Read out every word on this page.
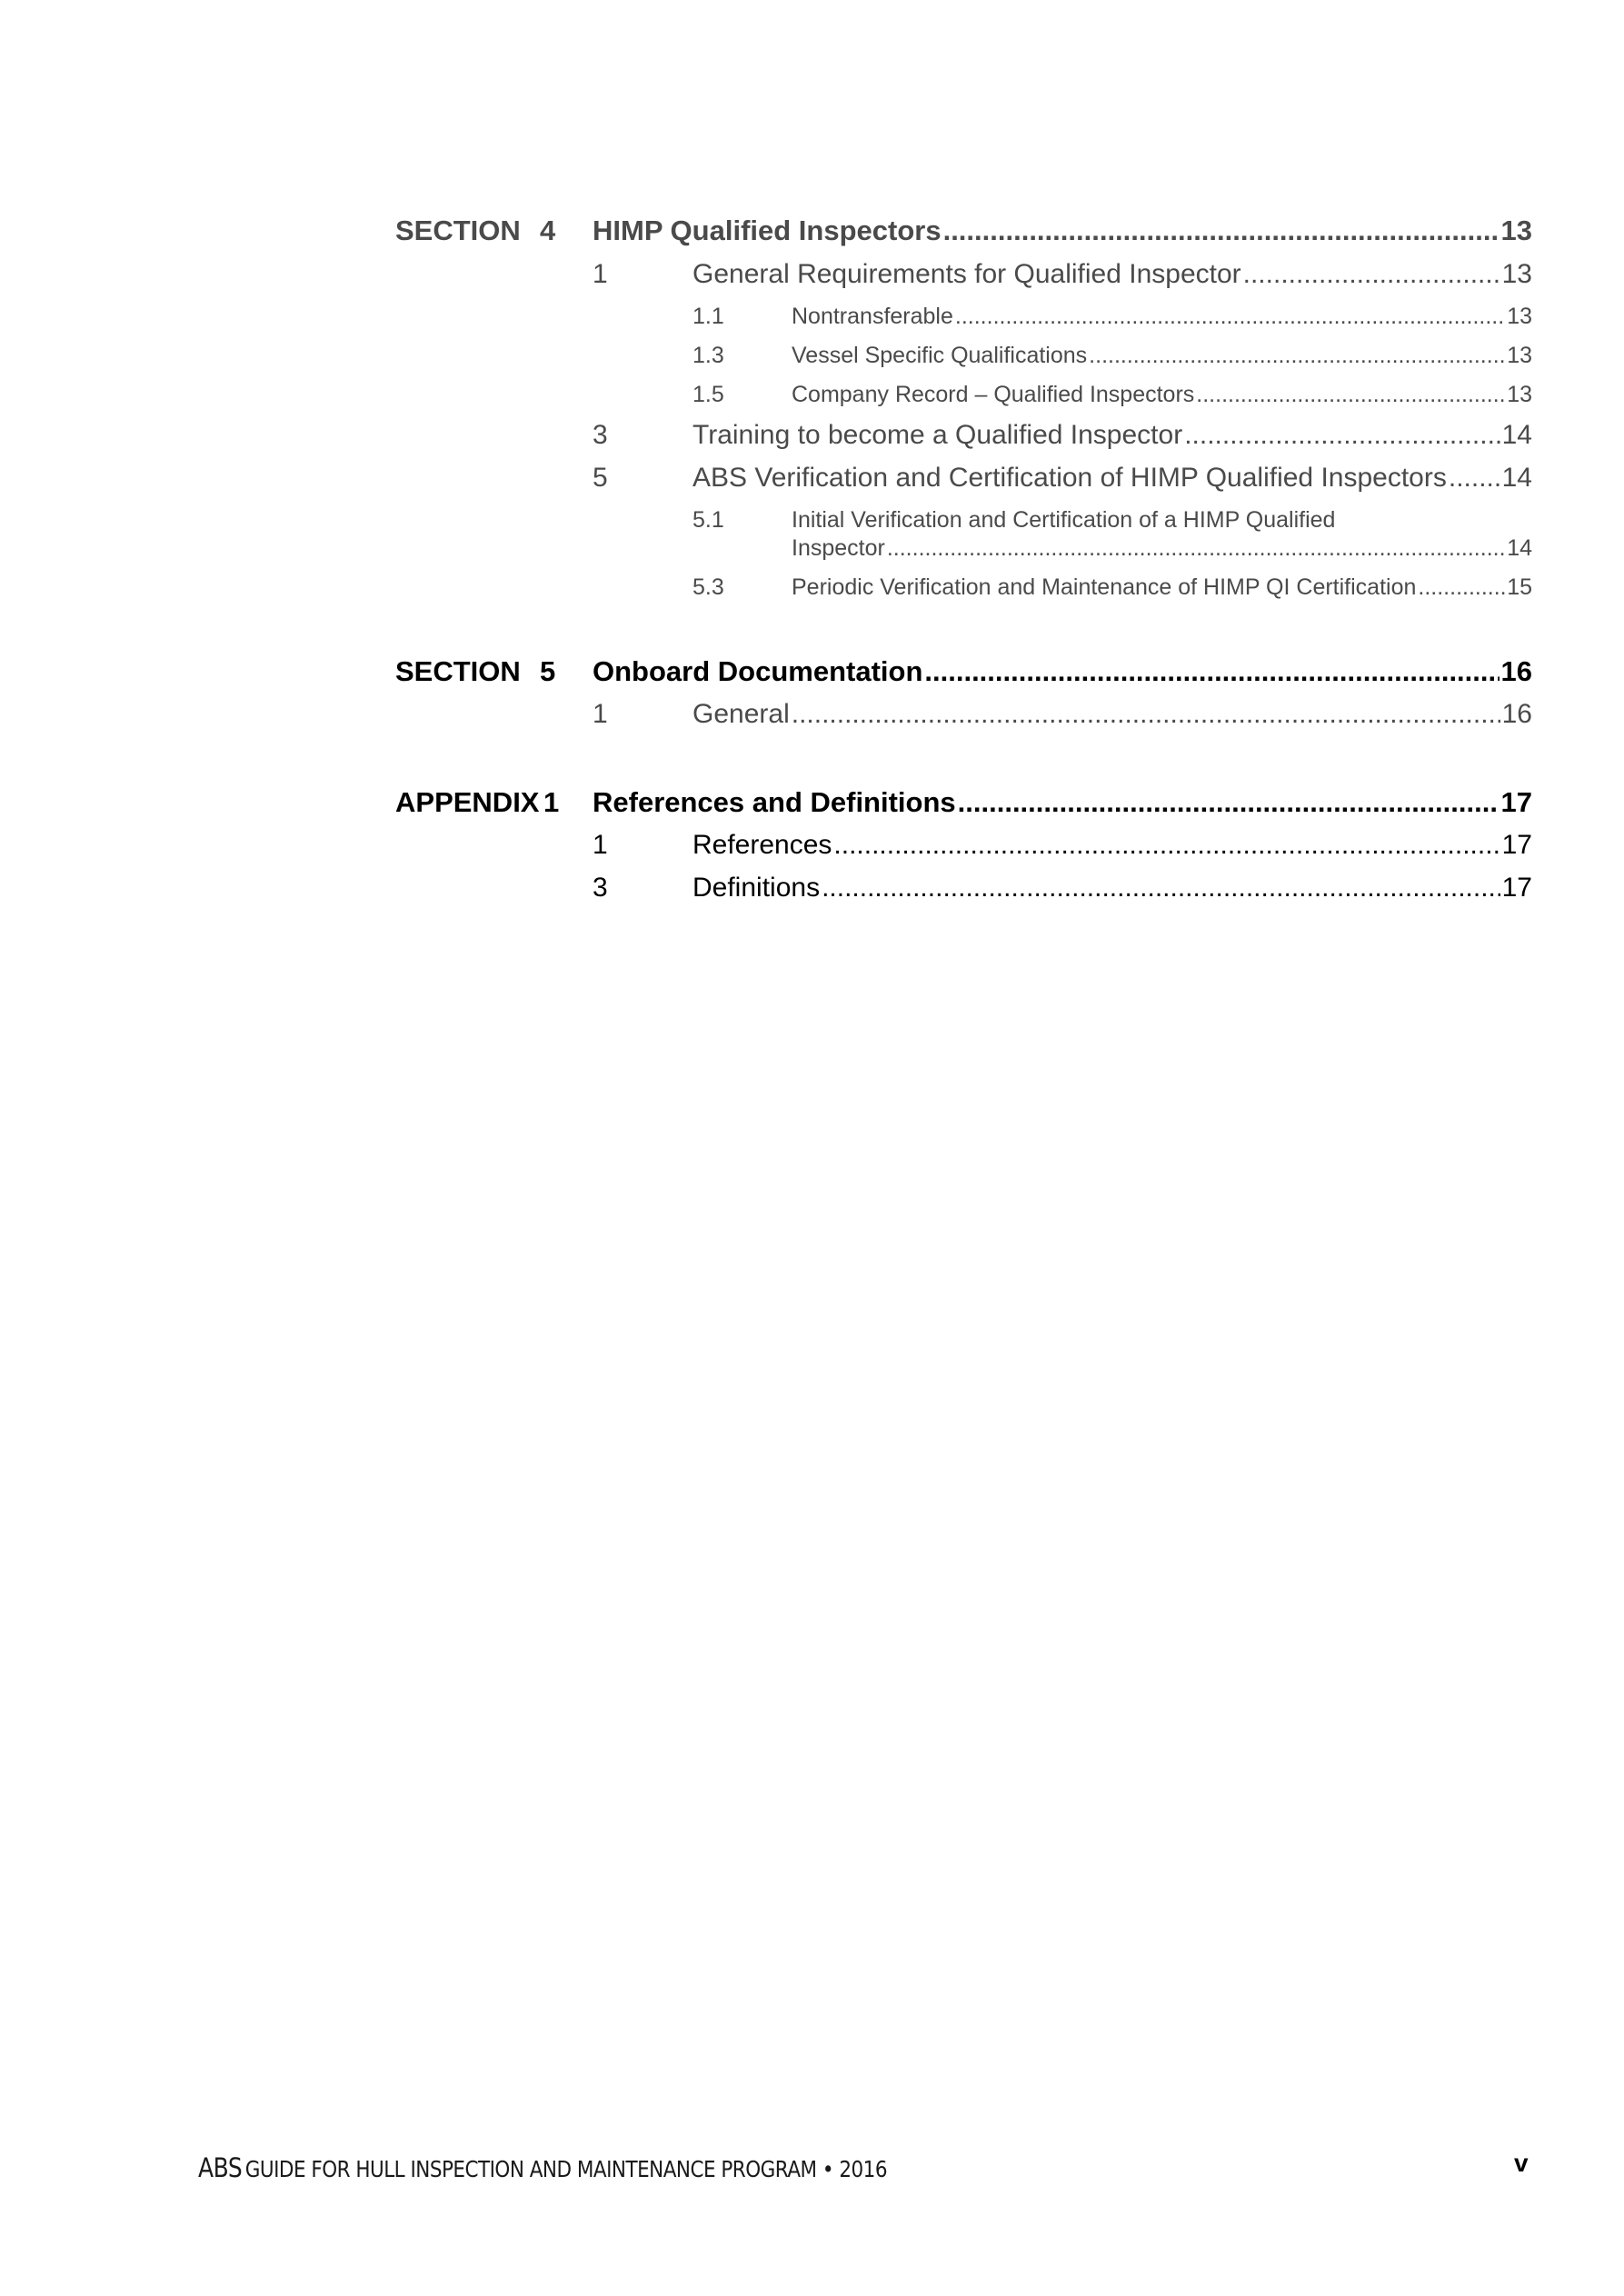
SECTION 4 HIMP Qualified Inspectors .....	13
1	General Requirements for Qualified Inspector .....	13
1.1	Nontransferable .....	13
1.3	Vessel Specific Qualifications .....	13
1.5	Company Record – Qualified Inspectors .....	13
3	Training to become a Qualified Inspector .....	14
5	ABS Verification and Certification of HIMP Qualified Inspectors ..... 14
5.1	Initial Verification and Certification of a HIMP Qualified
Inspector .....	14
5.3	Periodic Verification and Maintenance of HIMP QI Certification .....	15
SECTION 5 Onboard Documentation .....	16
1	General .....	16
APPENDIX 1 References and Definitions .....	17
1	References .....	17
3	Definitions .....	17
ABS GUIDE FOR HULL INSPECTION AND MAINTENANCE PROGRAM • 2016	v
